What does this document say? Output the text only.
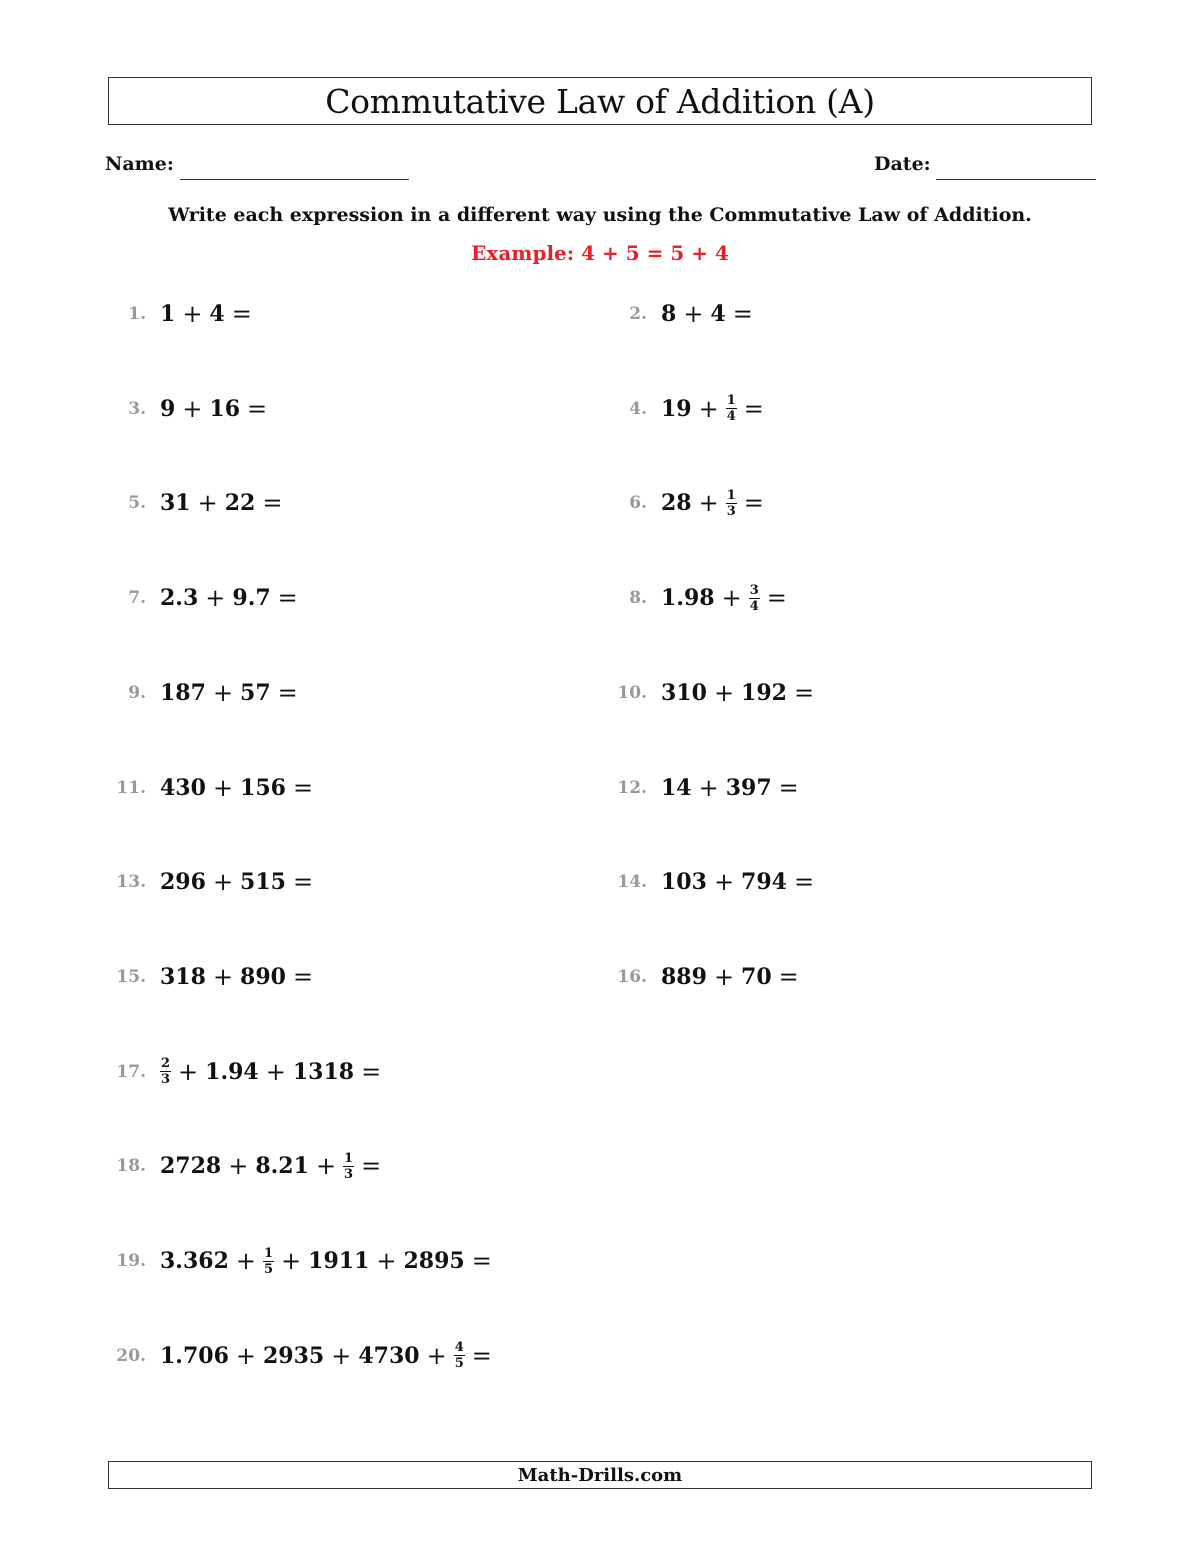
Commutative Law of Addition (A)
Name:	Date:
Write each expression in a different way using the Commutative Law of Addition.
Example: 4 + 5 = 5 + 4
1. 1 + 4 =	2. 8 + 4 =
3. 9 + 16 =	4. $19 + \frac{1}{4}$ =
5. 31 + 22 =	6. $28 + \frac{1}{3}$ =
7. 2.3 + 9.7 =	8. $1.98 + \frac{3}{4}$ =
9. 187 + 57 =	10. 310 + 192 =
11. 430 + 156 =	12. 14 + 397 =
13. 296 + 515 =	14. 103 + 794 =
15. 318 + 890 =	16. 889 + 70 =
17.	$\frac{2}{3} + 1.94 + 1318$ =
18. $2728 + 8.21 + \frac{1}{3}$ =
19. $3.362 + \frac{1}{5} + 1911 + 2895$ =
20. $1.706 + 2935 + 4730 + \frac{4}{5}$ =
Math-Drills.com
